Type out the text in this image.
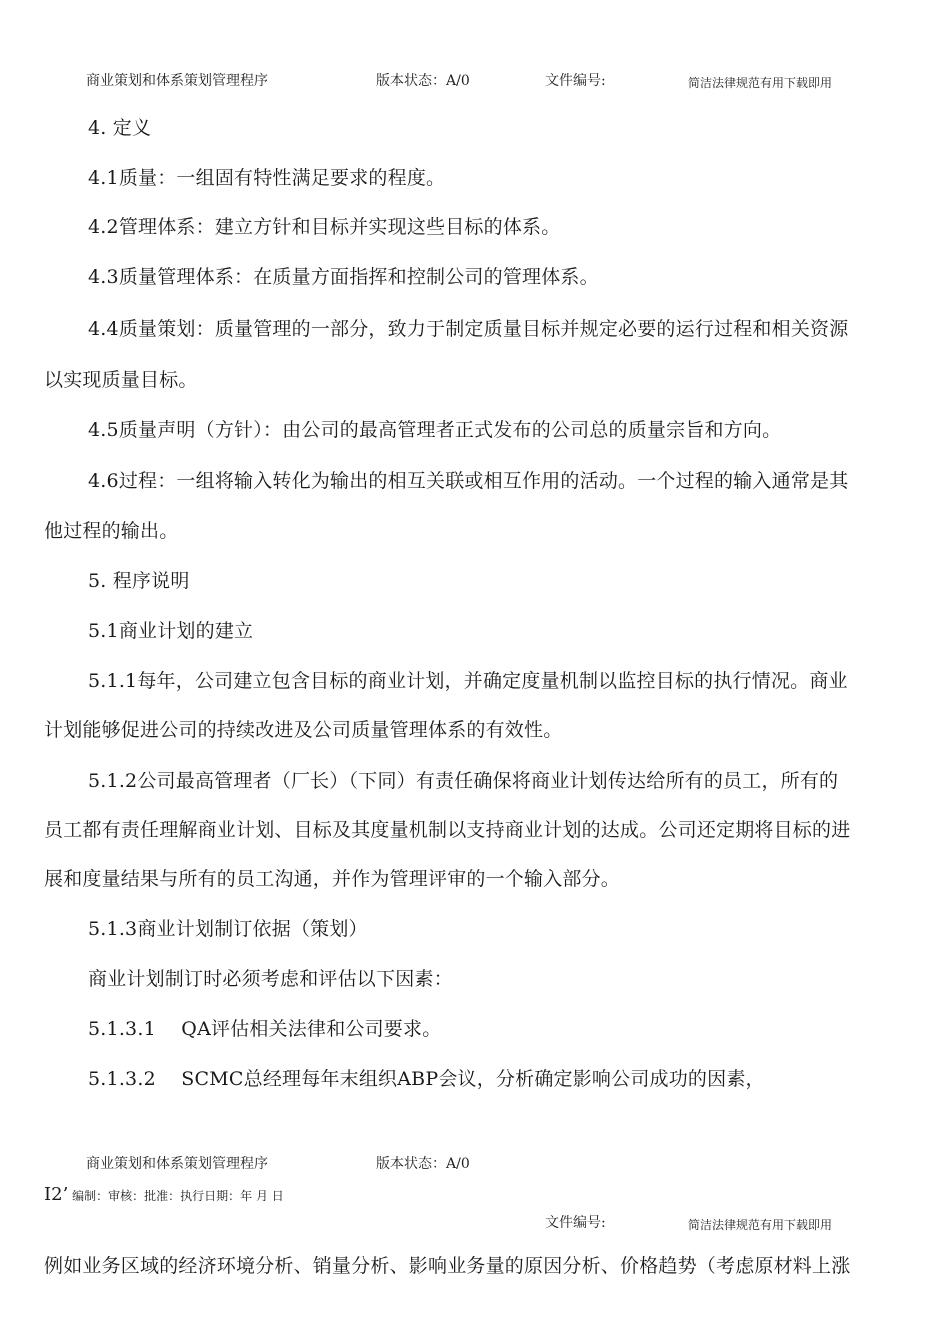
商业策划和体系策划管理程序	版本状态：A/0	文件编号:	简洁法律规范有用下载即用
4. 定义
4.1质量：一组固有特性满足要求的程度。
4.2管理体系：建立方针和目标并实现这些目标的体系。
4.3质量管理体系：在质量方面指挥和控制公司的管理体系。
4.4质量策划：质量管理的一部分，致力于制定质量目标并规定必要的运行过程和相关资源
以实现质量目标。
4.5质量声明（方针）：由公司的最高管理者正式发布的公司总的质量宗旨和方向。
4.6过程：一组将输入转化为输出的相互关联或相互作用的活动。一个过程的输入通常是其
他过程的输出。
5. 程序说明
5.1商业计划的建立
5.1.1每年，公司建立包含目标的商业计划，并确定度量机制以监控目标的执行情况。商业
计划能够促进公司的持续改进及公司质量管理体系的有效性。
5.1.2公司最高管理者（厂长）（下同）有责任确保将商业计划传达给所有的员工，所有的
员工都有责任理解商业计划、目标及其度量机制以支持商业计划的达成。公司还定期将目标的进
展和度量结果与所有的员工沟通，并作为管理评审的一个输入部分。
5.1.3商业计划制订依据（策划）
商业计划制订时必须考虑和评估以下因素：
5.1.3.1　 QA评估相关法律和公司要求。
5.1.3.2　 SCMC总经理每年末组织ABP会议，分析确定影响公司成功的因素，
商业策划和体系策划管理程序	版本状态：A/0
I2’ 编制：审核：批准：执行日期：年 月 日
文件编号:	简洁法律规范有用下载即用
例如业务区域的经济环境分析、销量分析、影响业务量的原因分析、价格趋势（考虑原材料上涨
